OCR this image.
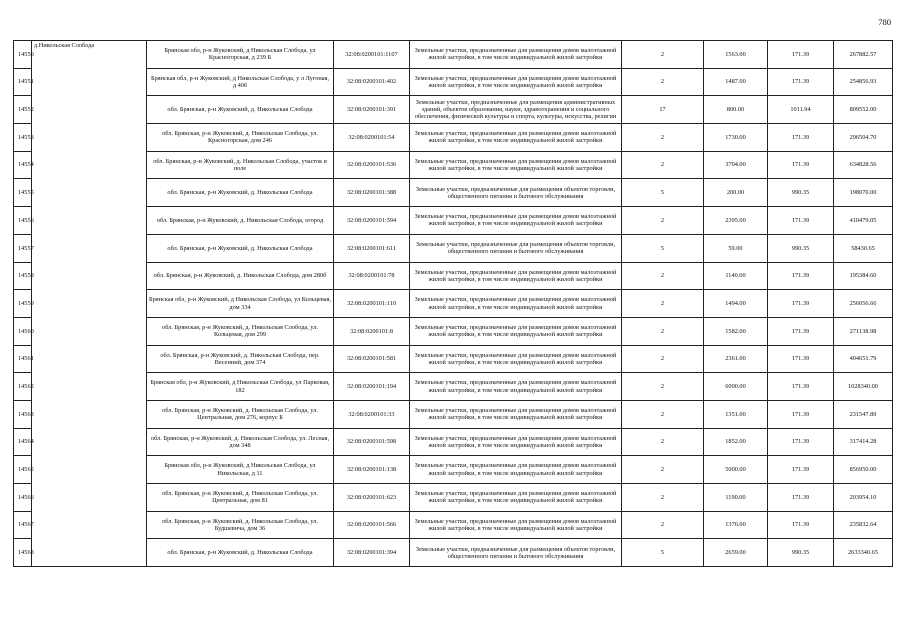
780
14550	д.Никольская Слобода	Брянская обл, р-н Жуковский, д Никольская Слобода, ул Красногорская, д 239 Б	32:08:0200101:1107	Земельные участки, предназначенные для размещения домов малоэтажной жилой застройки, в том числе индивидуальной жилой застройки	2	1563.00	171.39	267882.57
14551		Брянская обл, р-н Жуковский, д Никольская Слобода, у л Лугоная, д 40б	32:08:0200101:402	Земельные участки, предназначенные для размещения домов малоэтажной жилой застройки, в том числе индивидуальной жилой застройки	2	1487.00	171.39	254856.93
14552		обл. Брянская, р-н Жуковский, д. Никольская Слобода	32:08:0200101:391	Земельные участки, предназначенные для размещения административных зданий, объектов образования, науки, здравоохранения и социального обеспечения, физической культуры и спорта, культуры, искусства, религии	17	800.00	1011.94	809552.00
14553		обл. Брянская, р-н Жуковский, д. Никольская Слобода, ул. Красногорская, дом 246	32:08:0200101:54	Земельные участки, предназначенные для размещения домов малоэтажной жилой застройки, в том числе индивидуальной жилой застройки	2	1730.00	171.39	296504.70
14554		обл. Брянская, р-н Жуковский, д. Никольская Слобода, участок в поле	32:08:0200101:536	Земельные участки, предназначенные для размещения домов малоэтажной жилой застройки, в том числе индивидуальной жилой застройки	2	3704.00	171.39	634828.56
14555		обл. Брянская, р-н Жуковский, д. Никольская Слобода	32:08:0200101:388	Земельные участки, предназначенные для размещения объектов торговли, общественного питания и бытового обслуживания	5	200.00	990.35	198070.00
14556		обл. Брянская, р-н Жуковский, д. Никольская Слобода, огород	32:08:0200101:594	Земельные участки, предназначенные для размещения домов малоэтажной жилой застройки, в том числе индивидуальной жилой застройки	2	2395.00	171.39	410479.05
14557		обл. Брянская, р-н Жуковский, д. Никольская Слобода	32:08:0200101:611	Земельные участки, предназначенные для размещения объектов торговли, общественного питания и бытового обслуживания	5	59.00	990.35	58430.65
14558		обл. Брянская, р-н Жуковский, д. Никольская Слобода, дом 280б	32:08:0200101:78	Земельные участки, предназначенные для размещения домов малоэтажной жилой застройки, в том числе индивидуальной жилой застройки	2	1140.00	171.39	195384.60
14559		Брянская обл, р-н Жуковский, д Никольская Слобода, ул Кольцевая, дом 334	32:08:0200101:110	Земельные участки, предназначенные для размещения домов малоэтажной жилой застройки, в том числе индивидуальной жилой застройки	2	1494.00	171.39	256056.66
14560		обл. Брянская, р-н Жуковский, д. Никольская Слобода, ул. Кольцевая, дом 299	32:08:0200101:8	Земельные участки, предназначенные для размещения домов малоэтажной жилой застройки, в том числе индивидуальной жилой застройки	2	1582.00	171.39	271138.98
14561		обл. Брянская, р-н Жуковский, д. Никольская Слобода, пер. Весенний, дом 374	32:08:0200101:581	Земельные участки, предназначенные для размещения домов малоэтажной жилой застройки, в том числе индивидуальной жилой застройки	2	2361.00	171.39	404651.79
14562		Брянская обл, р-н Жуковский, д Никольская Слобода, ул Парковая, 182	32:08:0200101:194	Земельные участки, предназначенные для размещения домов малоэтажной жилой застройки, в том числе индивидуальной жилой застройки	2	6000.00	171.39	1028340.00
14563		обл. Брянская, р-н Жуковский, д. Никольская Слобода, ул. Центральная, дом 276, корпус Б	32:08:0200101:33	Земельные участки, предназначенные для размещения домов малоэтажной жилой застройки, в том числе индивидуальной жилой застройки	2	1351.00	171.39	231547.89
14564		обл. Брянская, р-н Жуковский, д. Никольская Слобода, ул. Лесная, дом 348	32:08:0200101:598	Земельные участки, предназначенные для размещения домов малоэтажной жилой застройки, в том числе индивидуальной жилой застройки	2	1852.00	171.39	317414.28
14565		Брянская обл, р-н Жуковский, д Никольская Слобода, ул Никольская, д 11	32:08:0200101:138	Земельные участки, предназначенные для размещения домов малоэтажной жилой застройки, в том числе индивидуальной жилой застройки	2	5000.00	171.39	856950.00
14566		обл. Брянская, р-н Жуковский, д. Никольская Слобода, ул. Центральная, дом 81	32:08:0200101:623	Земельные участки, предназначенные для размещения домов малоэтажной жилой застройки, в том числе индивидуальной жилой застройки	2	1190.00	171.39	203954.10
14567		обл. Брянская, р-н Жуковский, д. Никольская Слобода, ул. Будшевича, дом 36	32:08:0200101:566	Земельные участки, предназначенные для размещения домов малоэтажной жилой застройки, в том числе индивидуальной жилой застройки	2	1376.00	171.39	235832.64
14568		обл. Брянская, р-н Жуковский, д. Никольская Слобода	32:08:0200101:394	Земельные участки, предназначенные для размещения объектов торговли, общественного питания и бытового обслуживания	5	2659.00	990.35	2633340.65
